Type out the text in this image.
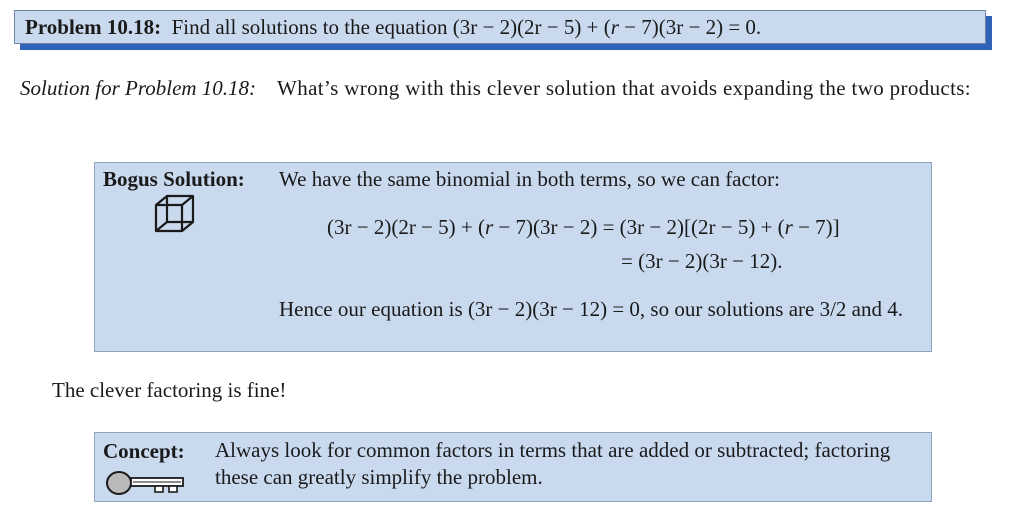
Problem 10.18: Find all solutions to the equation (3r − 2)(2r − 5) + (r − 7)(3r − 2) = 0.
Solution for Problem 10.18: What’s wrong with this clever solution that avoids expanding the two products:
Bogus Solution: We have the same binomial in both terms, so we can factor:
(3r − 2)(2r − 5) + (r − 7)(3r − 2) = (3r − 2)[(2r − 5) + (r − 7)]
= (3r − 2)(3r − 12).
Hence our equation is (3r − 2)(3r − 12) = 0, so our solutions are 3/2 and 4.
The clever factoring is fine!
Concept: Always look for common factors in terms that are added or subtracted; factoring these can greatly simplify the problem.
